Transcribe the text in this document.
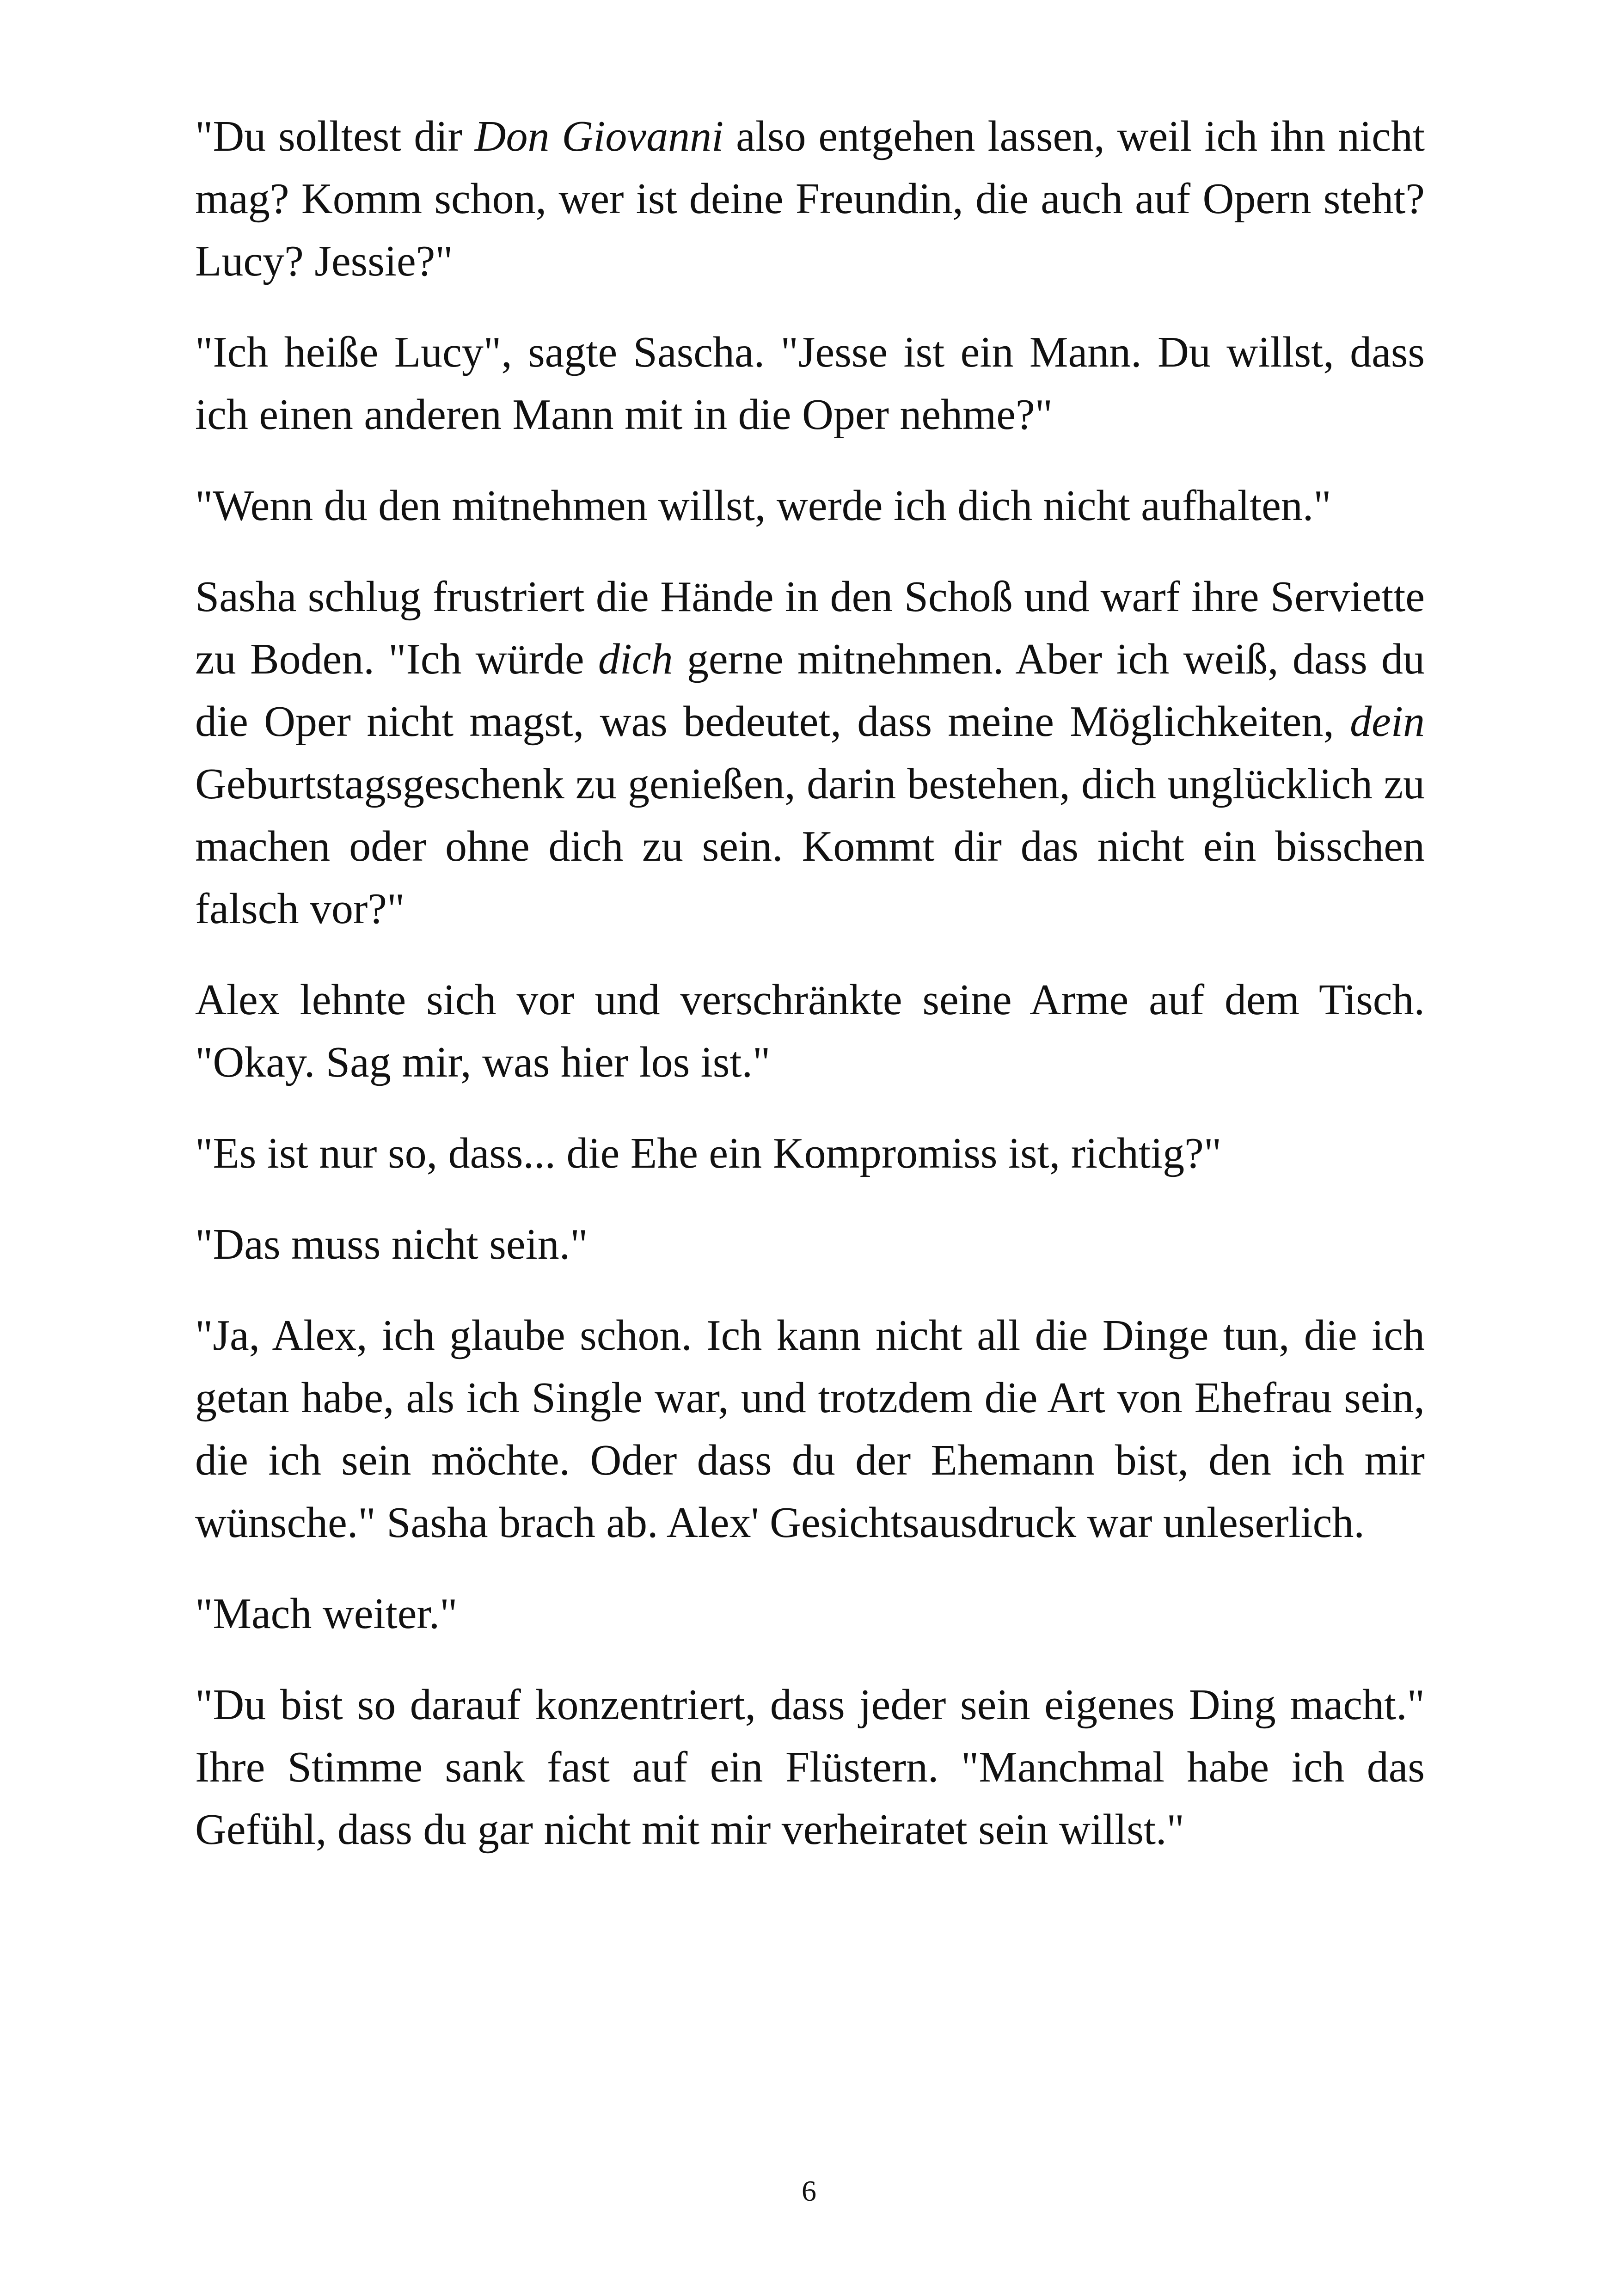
"Du solltest dir Don Giovanni also entgehen lassen, weil ich ihn nicht mag? Komm schon, wer ist deine Freundin, die auch auf Opern steht? Lucy? Jessie?"

"Ich heiße Lucy", sagte Sascha. "Jesse ist ein Mann. Du willst, dass ich einen anderen Mann mit in die Oper nehme?"

"Wenn du den mitnehmen willst, werde ich dich nicht aufhalten."

Sasha schlug frustriert die Hände in den Schoß und warf ihre Serviette zu Boden. "Ich würde dich gerne mitnehmen. Aber ich weiß, dass du die Oper nicht magst, was bedeutet, dass meine Möglichkeiten, dein Geburtstagsgeschenk zu genießen, darin bestehen, dich unglücklich zu machen oder ohne dich zu sein. Kommt dir das nicht ein bisschen falsch vor?"

Alex lehnte sich vor und verschränkte seine Arme auf dem Tisch. "Okay. Sag mir, was hier los ist."

"Es ist nur so, dass... die Ehe ein Kompromiss ist, richtig?"

"Das muss nicht sein."

"Ja, Alex, ich glaube schon. Ich kann nicht all die Dinge tun, die ich getan habe, als ich Single war, und trotzdem die Art von Ehefrau sein, die ich sein möchte. Oder dass du der Ehemann bist, den ich mir wünsche." Sasha brach ab. Alex' Gesichtsausdruck war unleserlich.

"Mach weiter."

"Du bist so darauf konzentriert, dass jeder sein eigenes Ding macht." Ihre Stimme sank fast auf ein Flüstern. "Manchmal habe ich das Gefühl, dass du gar nicht mit mir verheiratet sein willst."

6
